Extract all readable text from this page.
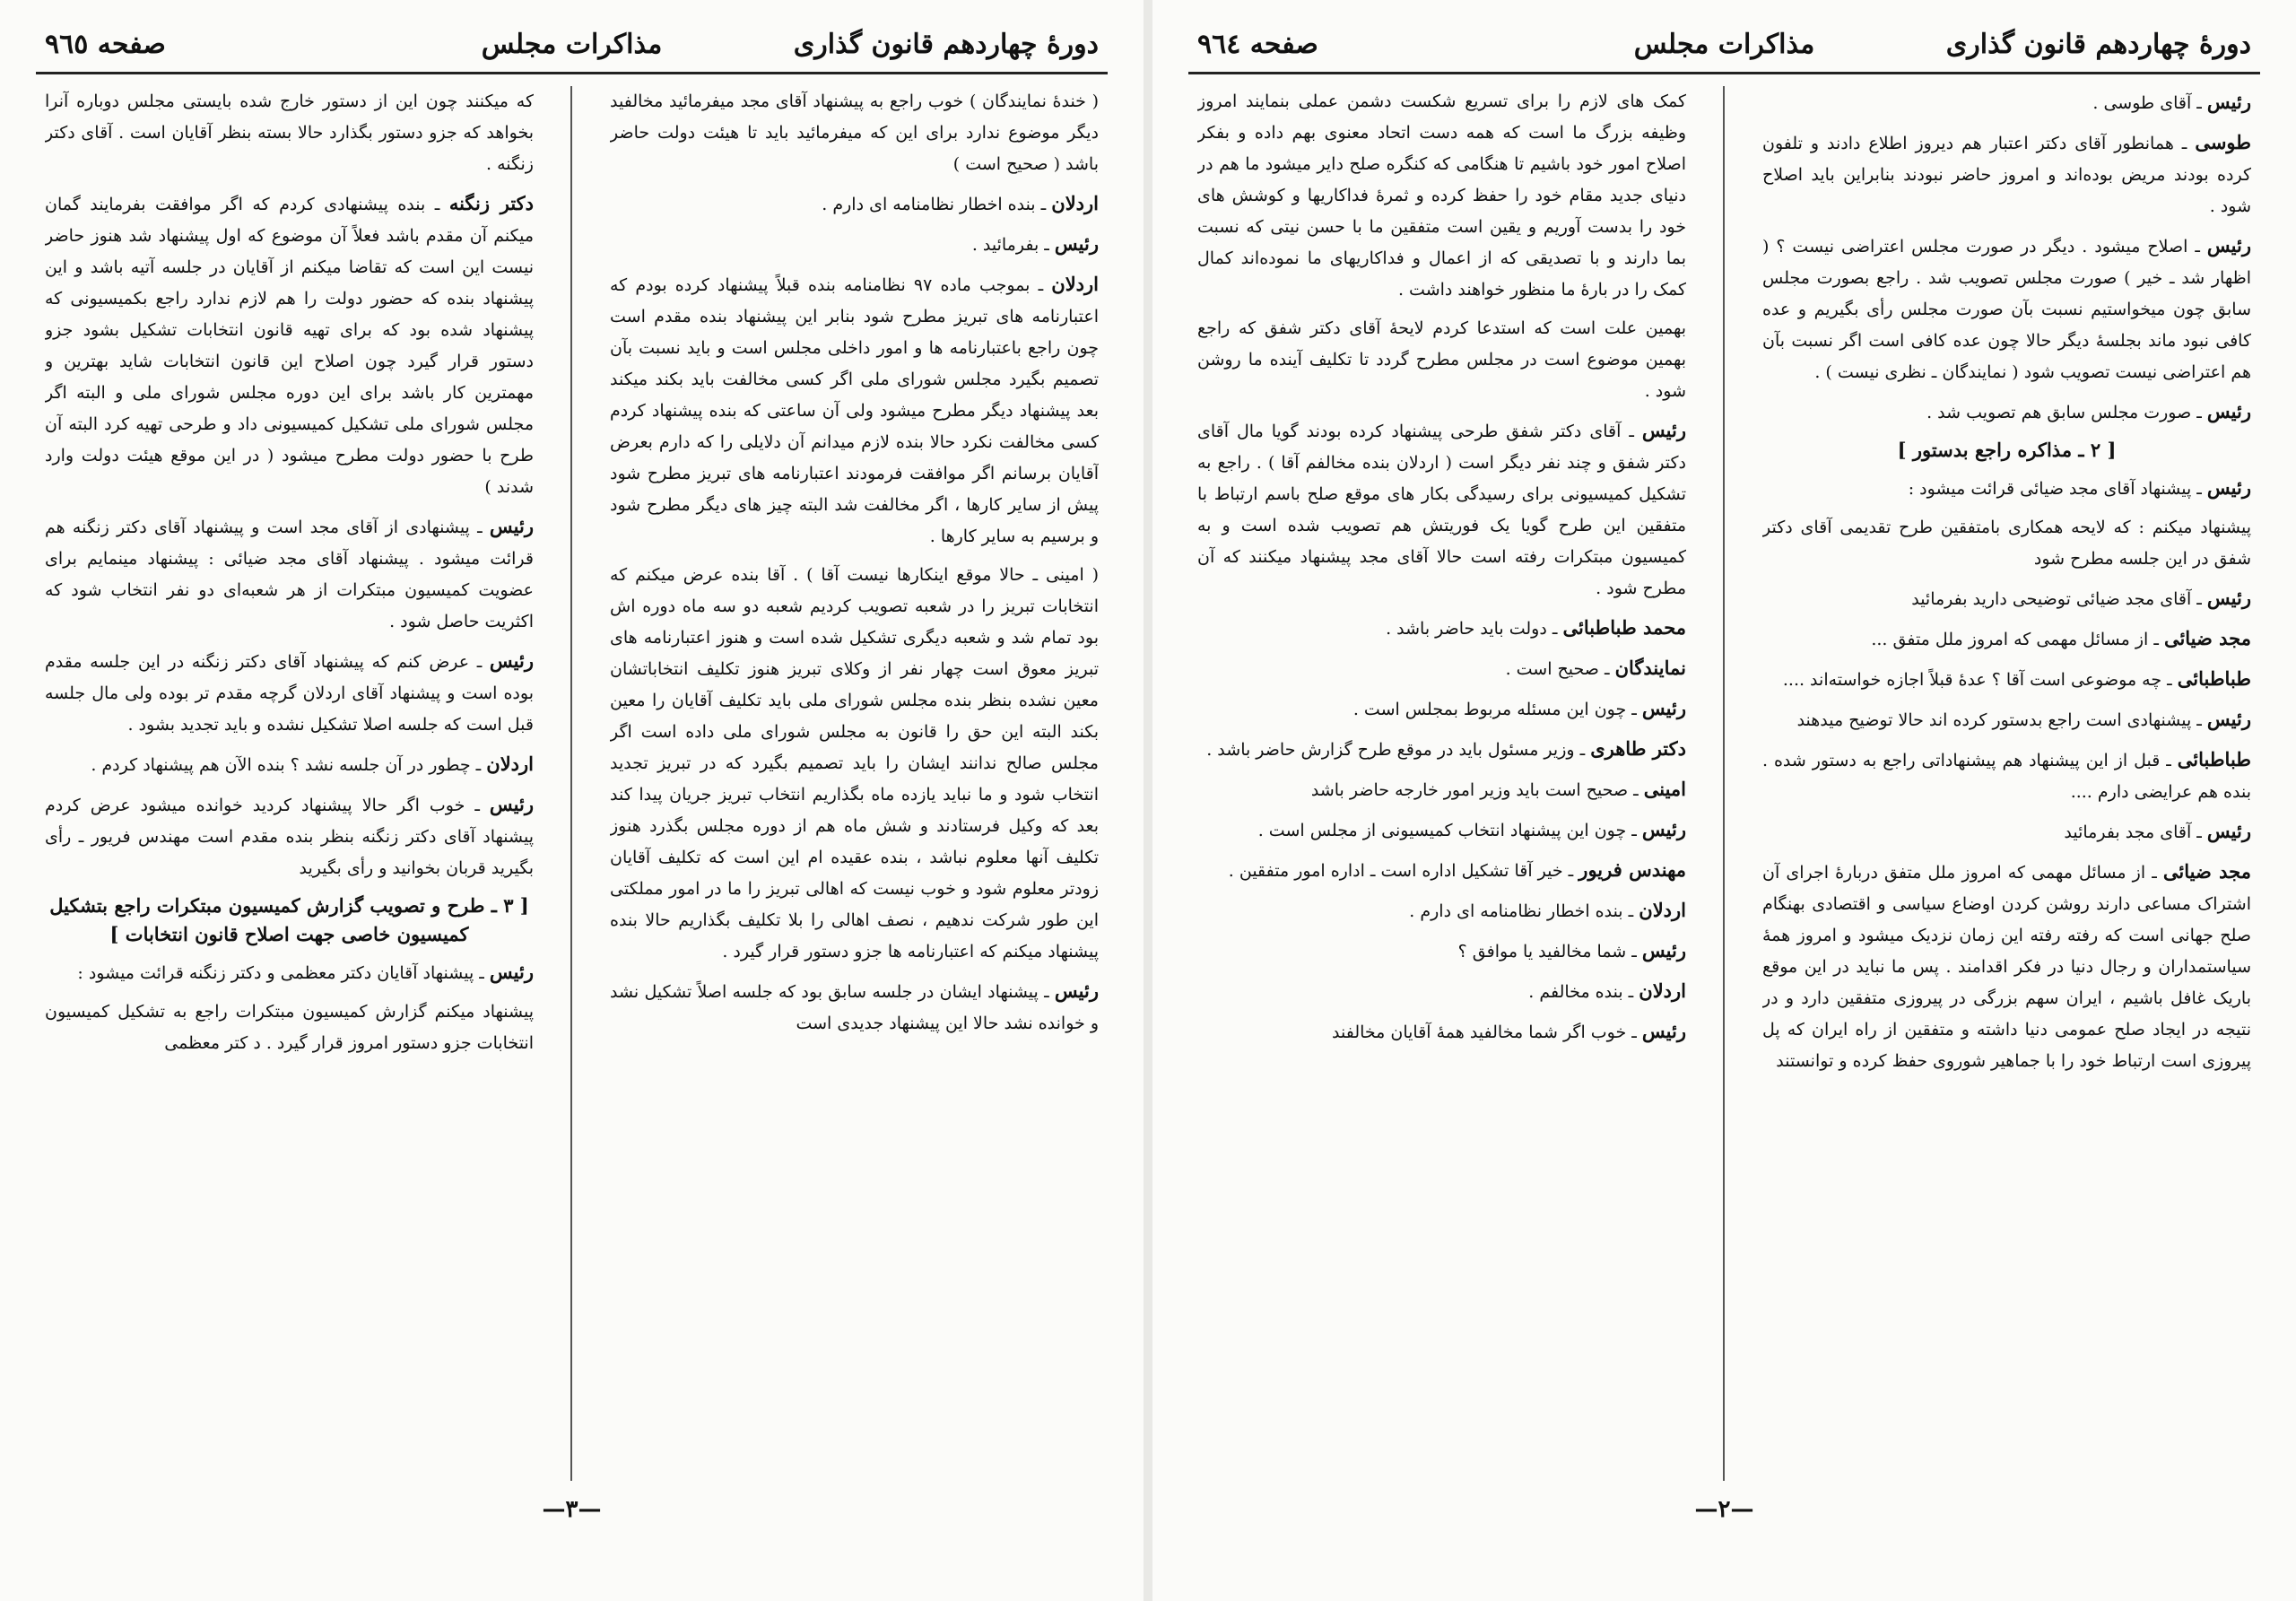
دورهٔ چهاردهم قانون گذاری
مذاکرات مجلس
صفحه ٩٦٥

( خندهٔ نمایندگان ) خوب راجع به پیشنهاد آقای مجد میفرمائید مخالفید دیگر موضوع ندارد برای این که میفرمائید باید تا هیئت دولت حاضر باشد ( صحیح است )

اردلان ـ بنده اخطار نظامنامه ای دارم .

رئیس ـ بفرمائید .

اردلان ـ بموجب ماده ٩٧ نظامنامه بنده قبلاً پیشنهاد کرده بودم که اعتبارنامه های تبریز مطرح شود بنابر این پیشنهاد بنده مقدم است چون راجع باعتبارنامه ها و امور داخلی مجلس است و باید نسبت بآن تصمیم بگیرد مجلس شورای ملی اگر کسی مخالفت باید بکند میکند بعد پیشنهاد دیگر مطرح میشود ولی آن ساعتی که بنده پیشنهاد کردم کسی مخالفت نکرد حالا بنده لازم میدانم آن دلایلی را که دارم بعرض آقایان برسانم اگر موافقت فرمودند اعتبارنامه های تبریز مطرح شود پیش از سایر کارها ، اگر مخالفت شد البته چیز های دیگر مطرح شود و برسیم به سایر کارها .

( امینی ـ حالا موقع اینکارها نیست آقا ) . آقا بنده عرض میکنم که انتخابات تبریز را در شعبه تصویب کردیم شعبه دو سه ماه دوره اش بود تمام شد و شعبه دیگری تشکیل شده است و هنوز اعتبارنامه های تبریز معوق است چهار نفر از وکلای تبریز هنوز تکلیف انتخاباتشان معین نشده بنظر بنده مجلس شورای ملی باید تکلیف آقایان را معین بکند البته این حق را قانون به مجلس شورای ملی داده است اگر مجلس صالح ندانند ایشان را باید تصمیم بگیرد که در تبریز تجدید انتخاب شود و ما نباید یازده ماه بگذاریم انتخاب تبریز جریان پیدا کند بعد که وکیل فرستادند و شش ماه هم از دوره مجلس بگذرد هنوز تکلیف آنها معلوم نباشد ، بنده عقیده ام این است که تکلیف آقایان زودتر معلوم شود و خوب نیست که اهالی تبریز را ما در امور مملکتی این طور شرکت ندهیم ، نصف اهالی را بلا تکلیف بگذاریم حالا بنده پیشنهاد میکنم که اعتبارنامه ها جزو دستور قرار گیرد .

رئیس ـ پیشنهاد ایشان در جلسه سابق بود که جلسه اصلاً تشکیل نشد و خوانده نشد حالا این پیشنهاد جدیدی است

که میکنند چون این از دستور خارج شده بایستی مجلس دوباره آنرا بخواهد که جزو دستور بگذارد حالا بسته بنظر آقایان است . آقای دکتر زنگنه .

دکتر زنگنه ـ بنده پیشنهادی کردم که اگر موافقت بفرمایند گمان میکنم آن مقدم باشد فعلاً آن موضوع که اول پیشنهاد شد هنوز حاضر نیست این است که تقاضا میکنم از آقایان در جلسه آتیه باشد و این پیشنهاد بنده که حضور دولت را هم لازم ندارد راجع بکمیسیونی که پیشنهاد شده بود که برای تهیه قانون انتخابات تشکیل بشود جزو دستور قرار گیرد چون اصلاح این قانون انتخابات شاید بهترین و مهمترین کار باشد برای این دوره مجلس شورای ملی و البته اگر مجلس شورای ملی تشکیل کمیسیونی داد و طرحی تهیه کرد البته آن طرح با حضور دولت مطرح میشود ( در این موقع هیئت دولت وارد شدند )

رئیس ـ پیشنهادی از آقای مجد است و پیشنهاد آقای دکتر زنگنه هم قرائت میشود . پیشنهاد آقای مجد ضیائی : پیشنهاد مینمایم برای عضویت کمیسیون مبتکرات از هر شعبه‌ای دو نفر انتخاب شود که اکثریت حاصل شود .

رئیس ـ عرض کنم که پیشنهاد آقای دکتر زنگنه در این جلسه مقدم بوده است و پیشنهاد آقای اردلان گرچه مقدم تر بوده ولی مال جلسه قبل است که جلسه اصلا تشکیل نشده و باید تجدید بشود .

اردلان ـ چطور در آن جلسه نشد ؟ بنده الآن هم پیشنهاد کردم .

رئیس ـ خوب اگر حالا پیشنهاد کردید خوانده میشود عرض کردم پیشنهاد آقای دکتر زنگنه بنظر بنده مقدم است مهندس فریور ـ رأی بگیرید قربان بخوانید و رأی بگیرید

[ ٣ ـ طرح و تصویب گزارش کمیسیون مبتکرات راجع بتشکیل کمیسیون خاصی جهت اصلاح قانون انتخابات ]

رئیس ـ پیشنهاد آقایان دکتر معظمی و دکتر زنگنه قرائت میشود :

پیشنهاد میکنم گزارش کمیسیون مبتکرات راجع به تشکیل کمیسیون انتخابات جزو دستور امروز قرار گیرد . د کتر معظمی

—٣—
دورهٔ چهاردهم قانون گذاری
مذاکرات مجلس
صفحه ٩٦٤

رئیس ـ آقای طوسی .

طوسی ـ همانطور آقای دکتر اعتبار هم دیروز اطلاع دادند و تلفون کرده بودند مریض بوده‌اند و امروز حاضر نبودند بنابراین باید اصلاح شود .

رئیس ـ اصلاح میشود . دیگر در صورت مجلس اعتراضی نیست ؟ ( اظهار شد ـ خیر ) صورت مجلس تصویب شد . راجع بصورت مجلس سابق چون میخواستیم نسبت بآن صورت مجلس رأی بگیریم و عده کافی نبود ماند بجلسهٔ دیگر حالا چون عده کافی است اگر نسبت بآن هم اعتراضی نیست تصویب شود ( نمایندگان ـ نظری نیست ) .

رئیس ـ صورت مجلس سابق هم تصویب شد .

[ ٢ ـ مذاکره راجع بدستور ]

رئیس ـ پیشنهاد آقای مجد ضیائی قرائت میشود :

پیشنهاد میکنم : که لایحه همکاری بامتفقین طرح تقدیمی آقای دکتر شفق در این جلسه مطرح شود

رئیس ـ آقای مجد ضیائی توضیحی دارید بفرمائید

مجد ضیائی ـ از مسائل مهمی که امروز ملل متفق ...

طباطبائی ـ چه موضوعی است آقا ؟ عدهٔ قبلاً اجازه خواسته‌اند ....

رئیس ـ پیشنهادی است راجع بدستور کرده اند حالا توضیح میدهند

طباطبائی ـ قبل از این پیشنهاد هم پیشنهاداتی راجع به دستور شده . بنده هم عرایضی دارم ....

رئیس ـ آقای مجد بفرمائید

مجد ضیائی ـ از مسائل مهمی که امروز ملل متفق دربارهٔ اجرای آن اشتراک مساعی دارند روشن کردن اوضاع سیاسی و اقتصادی بهنگام صلح جهانی است که رفته رفته این زمان نزدیک میشود و امروز همهٔ سیاستمداران و رجال دنیا در فکر اقدامند . پس ما نباید در این موقع باریک غافل باشیم ، ایران سهم بزرگی در پیروزی متفقین دارد و در نتیجه در ایجاد صلح عمومی دنیا داشته و متفقین از راه ایران که پل پیروزی است ارتباط خود را با جماهیر شوروی حفظ کرده و توانستند

کمک های لازم را برای تسریع شکست دشمن عملی بنمایند امروز وظیفه بزرگ ما است که همه دست اتحاد معنوی بهم داده و بفکر اصلاح امور خود باشیم تا هنگامی که کنگره صلح دایر میشود ما هم در دنیای جدید مقام خود را حفظ کرده و ثمرهٔ فداکاریها و کوشش های خود را بدست آوریم و یقین است متفقین ما با حسن نیتی که نسبت بما دارند و با تصدیقی که از اعمال و فداکاریهای ما نموده‌اند کمال کمک را در بارهٔ ما منظور خواهند داشت .

بهمین علت است که استدعا کردم لایحهٔ آقای دکتر شفق که راجع بهمین موضوع است در مجلس مطرح گردد تا تکلیف آینده ما روشن شود .

رئیس ـ آقای دکتر شفق طرحی پیشنهاد کرده بودند گویا مال آقای دکتر شفق و چند نفر دیگر است ( اردلان بنده مخالفم آقا ) . راجع به تشکیل کمیسیونی برای رسیدگی بکار های موقع صلح باسم ارتباط با متفقین این طرح گویا یک فوریتش هم تصویب شده است و به کمیسیون مبتکرات رفته است حالا آقای مجد پیشنهاد میکنند که آن مطرح شود .

محمد طباطبائی ـ دولت باید حاضر باشد .

نمایندگان ـ صحیح است .

رئیس ـ چون این مسئله مربوط بمجلس است .

دکتر طاهری ـ وزیر مسئول باید در موقع طرح گزارش حاضر باشد .

امینی ـ صحیح است باید وزیر امور خارجه حاضر باشد

رئیس ـ چون این پیشنهاد انتخاب کمیسیونی از مجلس است .

مهندس فریور ـ خیر آقا تشکیل اداره است ـ اداره امور متفقین .

اردلان ـ بنده اخطار نظامنامه ای دارم .

رئیس ـ شما مخالفید یا موافق ؟

اردلان ـ بنده مخالفم .

رئیس ـ خوب اگر شما مخالفید همهٔ آقایان مخالفند

—٢—
